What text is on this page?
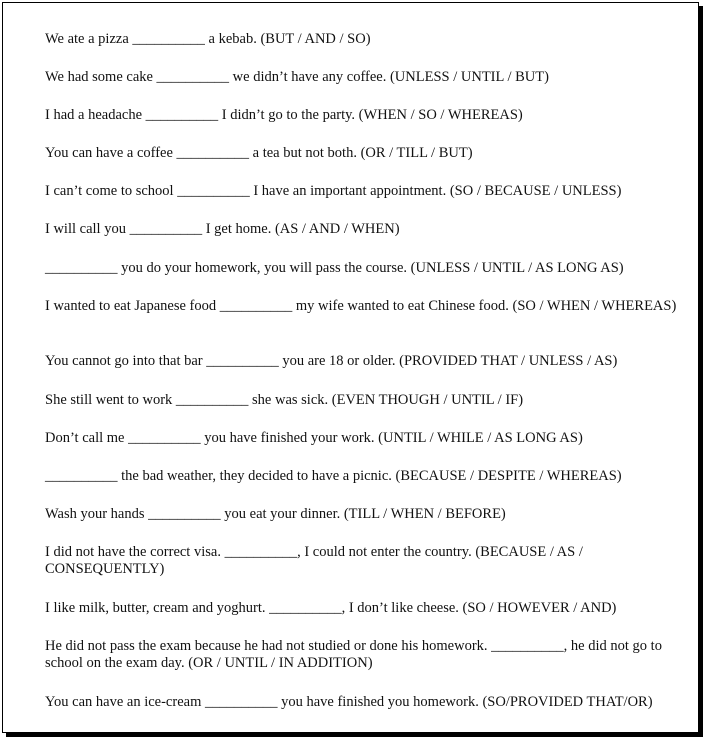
We ate a pizza __________ a kebab. (BUT / AND / SO)
We had some cake __________ we didn’t have any coffee. (UNLESS / UNTIL / BUT)
I had a headache __________ I didn’t go to the party. (WHEN / SO / WHEREAS)
You can have a coffee __________ a tea but not both. (OR / TILL / BUT)
I can’t come to school __________ I have an important appointment. (SO / BECAUSE / UNLESS)
I will call you __________ I get home. (AS / AND / WHEN)
__________ you do your homework, you will pass the course. (UNLESS / UNTIL / AS LONG AS)
I wanted to eat Japanese food __________ my wife wanted to eat Chinese food. (SO / WHEN / WHEREAS)
You cannot go into that bar __________ you are 18 or older. (PROVIDED THAT / UNLESS / AS)
She still went to work __________ she was sick. (EVEN THOUGH / UNTIL / IF)
Don’t call me __________ you have finished your work. (UNTIL / WHILE / AS LONG AS)
__________ the bad weather, they decided to have a picnic. (BECAUSE / DESPITE / WHEREAS)
Wash your hands __________ you eat your dinner. (TILL / WHEN / BEFORE)
I did not have the correct visa. __________, I could not enter the country. (BECAUSE / AS / CONSEQUENTLY)
I like milk, butter, cream and yoghurt. __________, I don’t like cheese. (SO / HOWEVER / AND)
He did not pass the exam because he had not studied or done his homework. __________, he did not go to school on the exam day. (OR / UNTIL / IN ADDITION)
You can have an ice-cream __________ you have finished you homework. (SO/PROVIDED THAT/OR)
